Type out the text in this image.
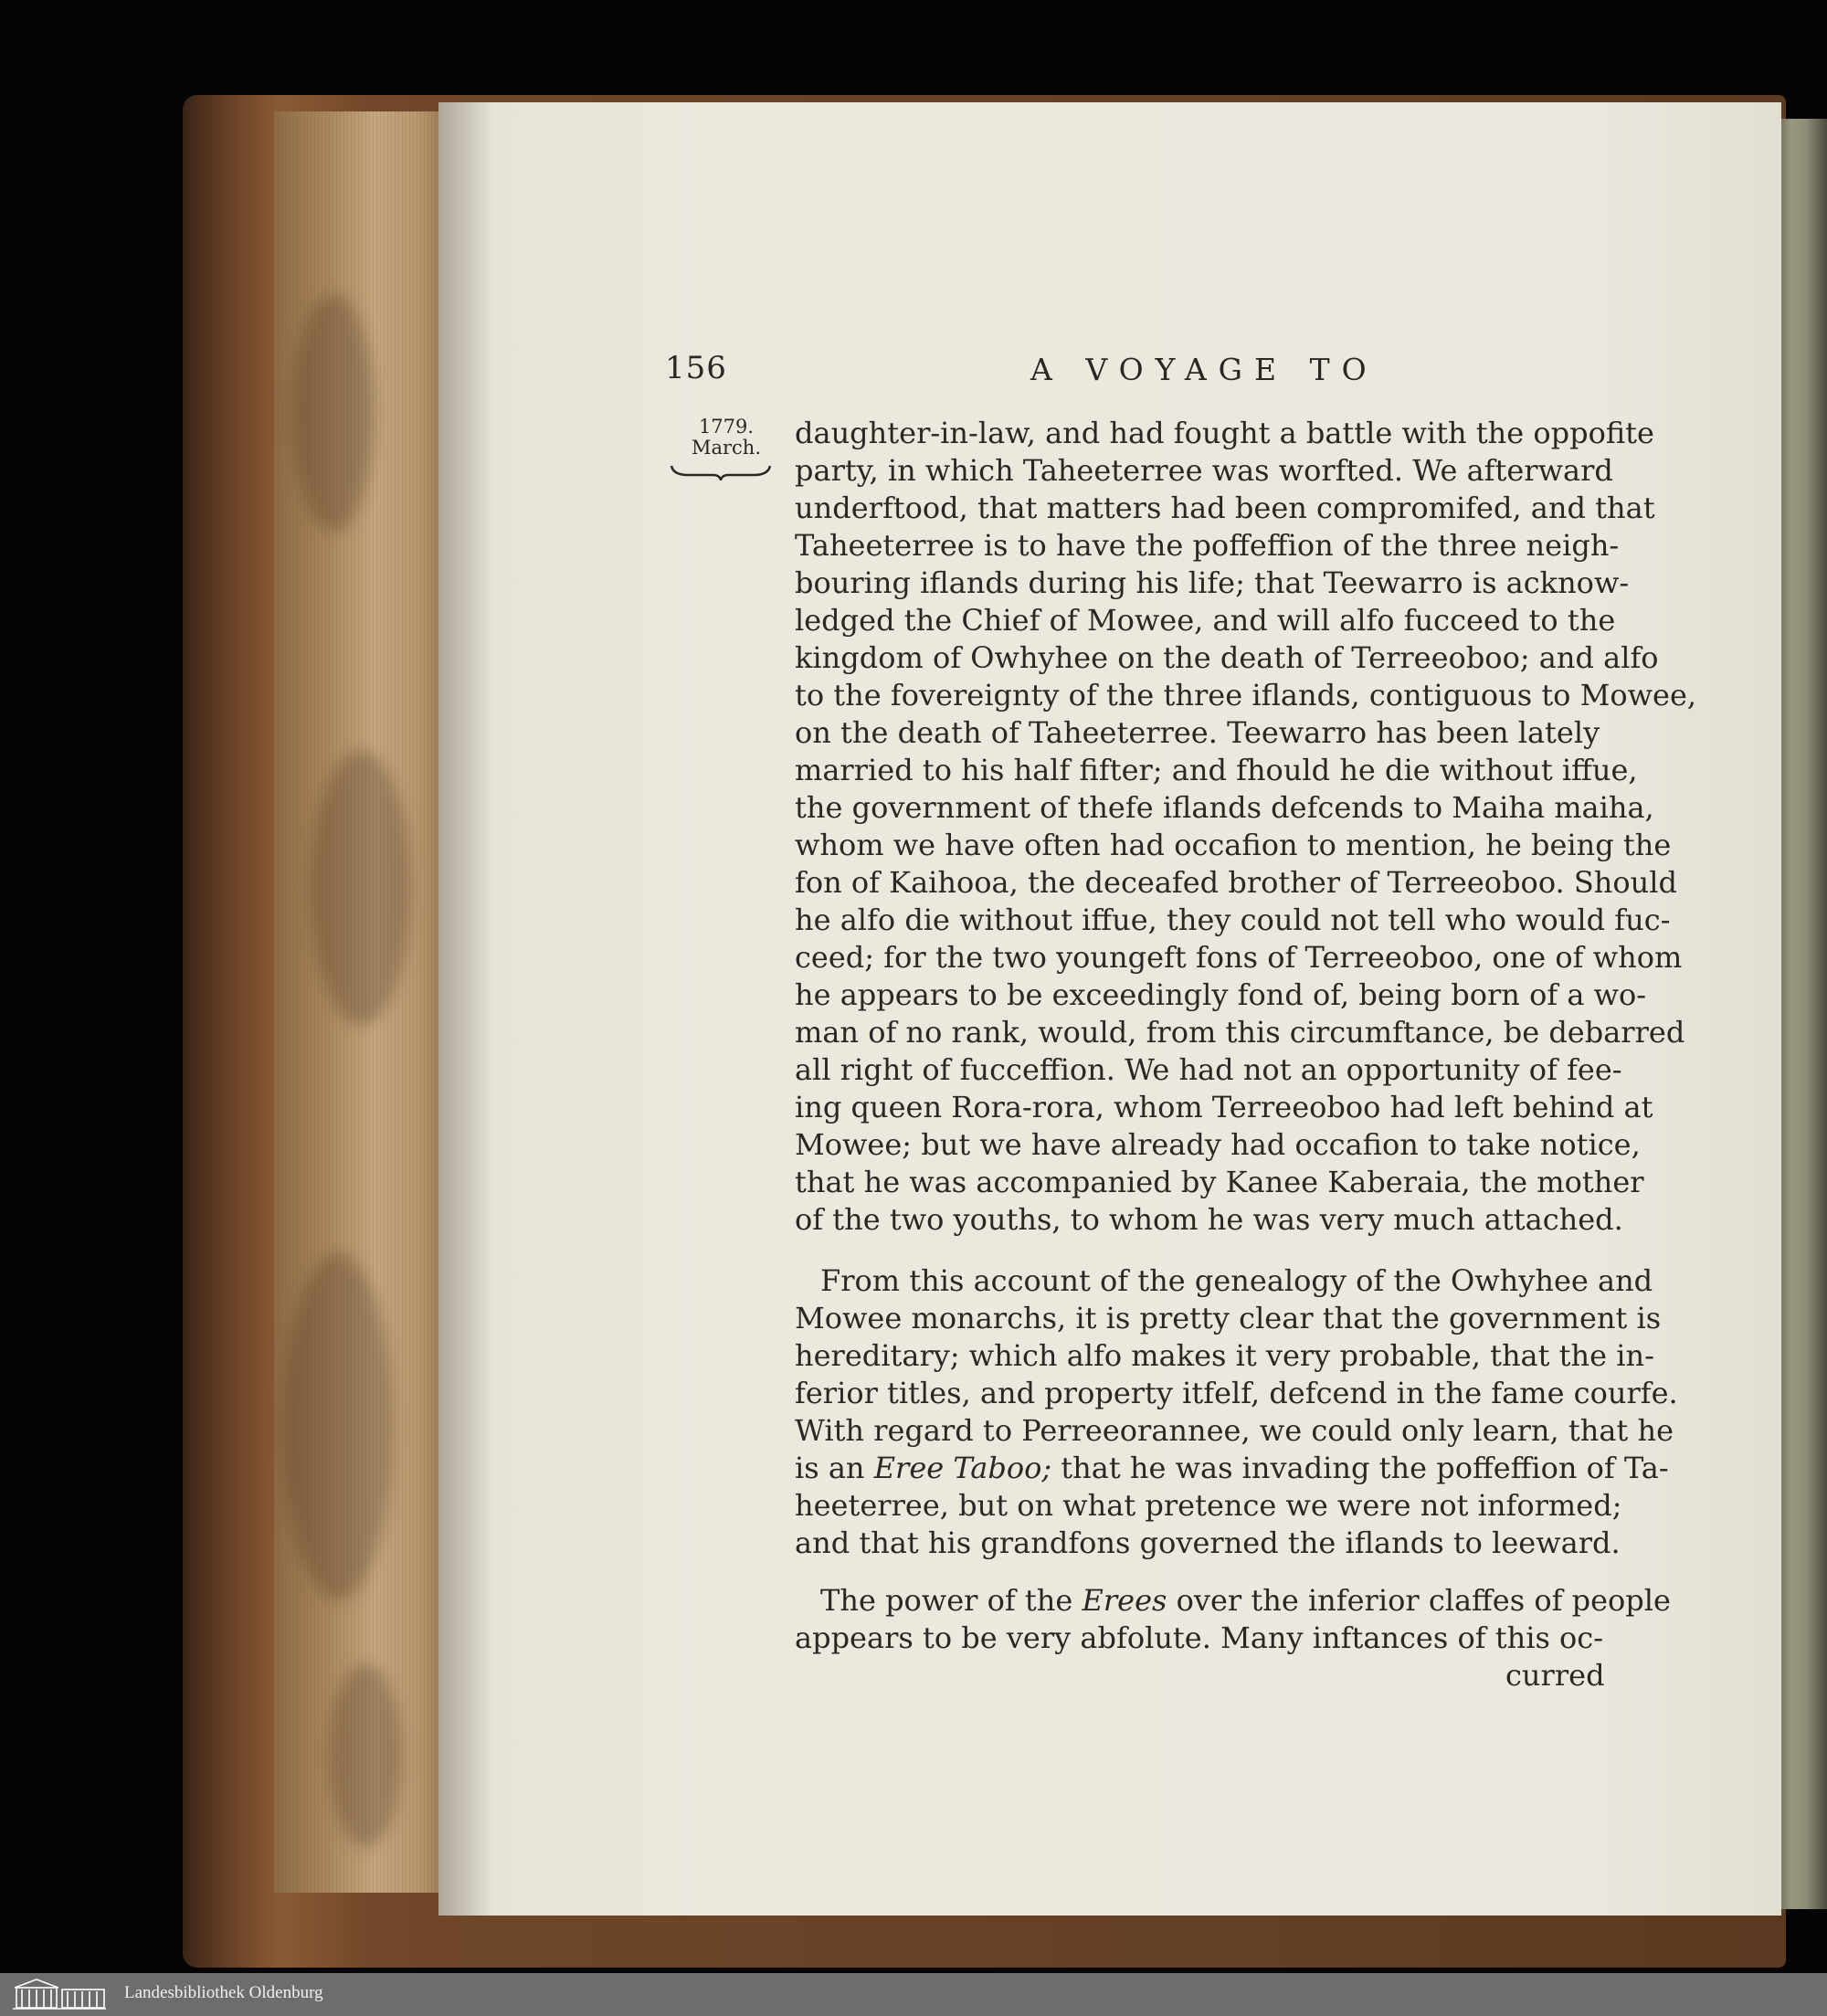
156	A VOYAGE TO
1779.
March.	daughter-in-law, and had fought a battle with the oppofite
party, in which Taheeterree was worfted. We afterward
underftood, that matters had been compromifed, and that
Taheeterree is to have the poffeffion of the three neigh-
bouring iflands during his life; that Teewarro is acknow-
ledged the Chief of Mowee, and will alfo fucceed to the
kingdom of Owhyhee on the death of Terreeoboo; and alfo
to the fovereignty of the three iflands, contiguous to Mowee,
on the death of Taheeterree. Teewarro has been lately
married to his half fifter; and fhould he die without iffue,
the government of thefe iflands defcends to Maiha maiha,
whom we have often had occafion to mention, he being the
fon of Kaihooa, the deceafed brother of Terreeoboo. Should
he alfo die without iffue, they could not tell who would fuc-
ceed; for the two youngeft fons of Terreeoboo, one of whom
he appears to be exceedingly fond of, being born of a wo-
man of no rank, would, from this circumftance, be debarred
all right of fucceffion. We had not an opportunity of fee-
ing queen Rora-rora, whom Terreeoboo had left behind at
Mowee; but we have already had occafion to take notice,
that he was accompanied by Kanee Kaberaia, the mother
of the two youths, to whom he was very much attached.
From this account of the genealogy of the Owhyhee and
Mowee monarchs, it is pretty clear that the government is
hereditary; which alfo makes it very probable, that the in-
ferior titles, and property itfelf, defcend in the fame courfe.
With regard to Perreeorannee, we could only learn, that he
is an Eree Taboo; that he was invading the poffeffion of Ta-
heeterree, but on what pretence we were not informed;
and that his grandfons governed the iflands to leeward.
The power of the Erees over the inferior claffes of people
appears to be very abfolute. Many inftances of this oc-
curred
Landesbibliothek Oldenburg
